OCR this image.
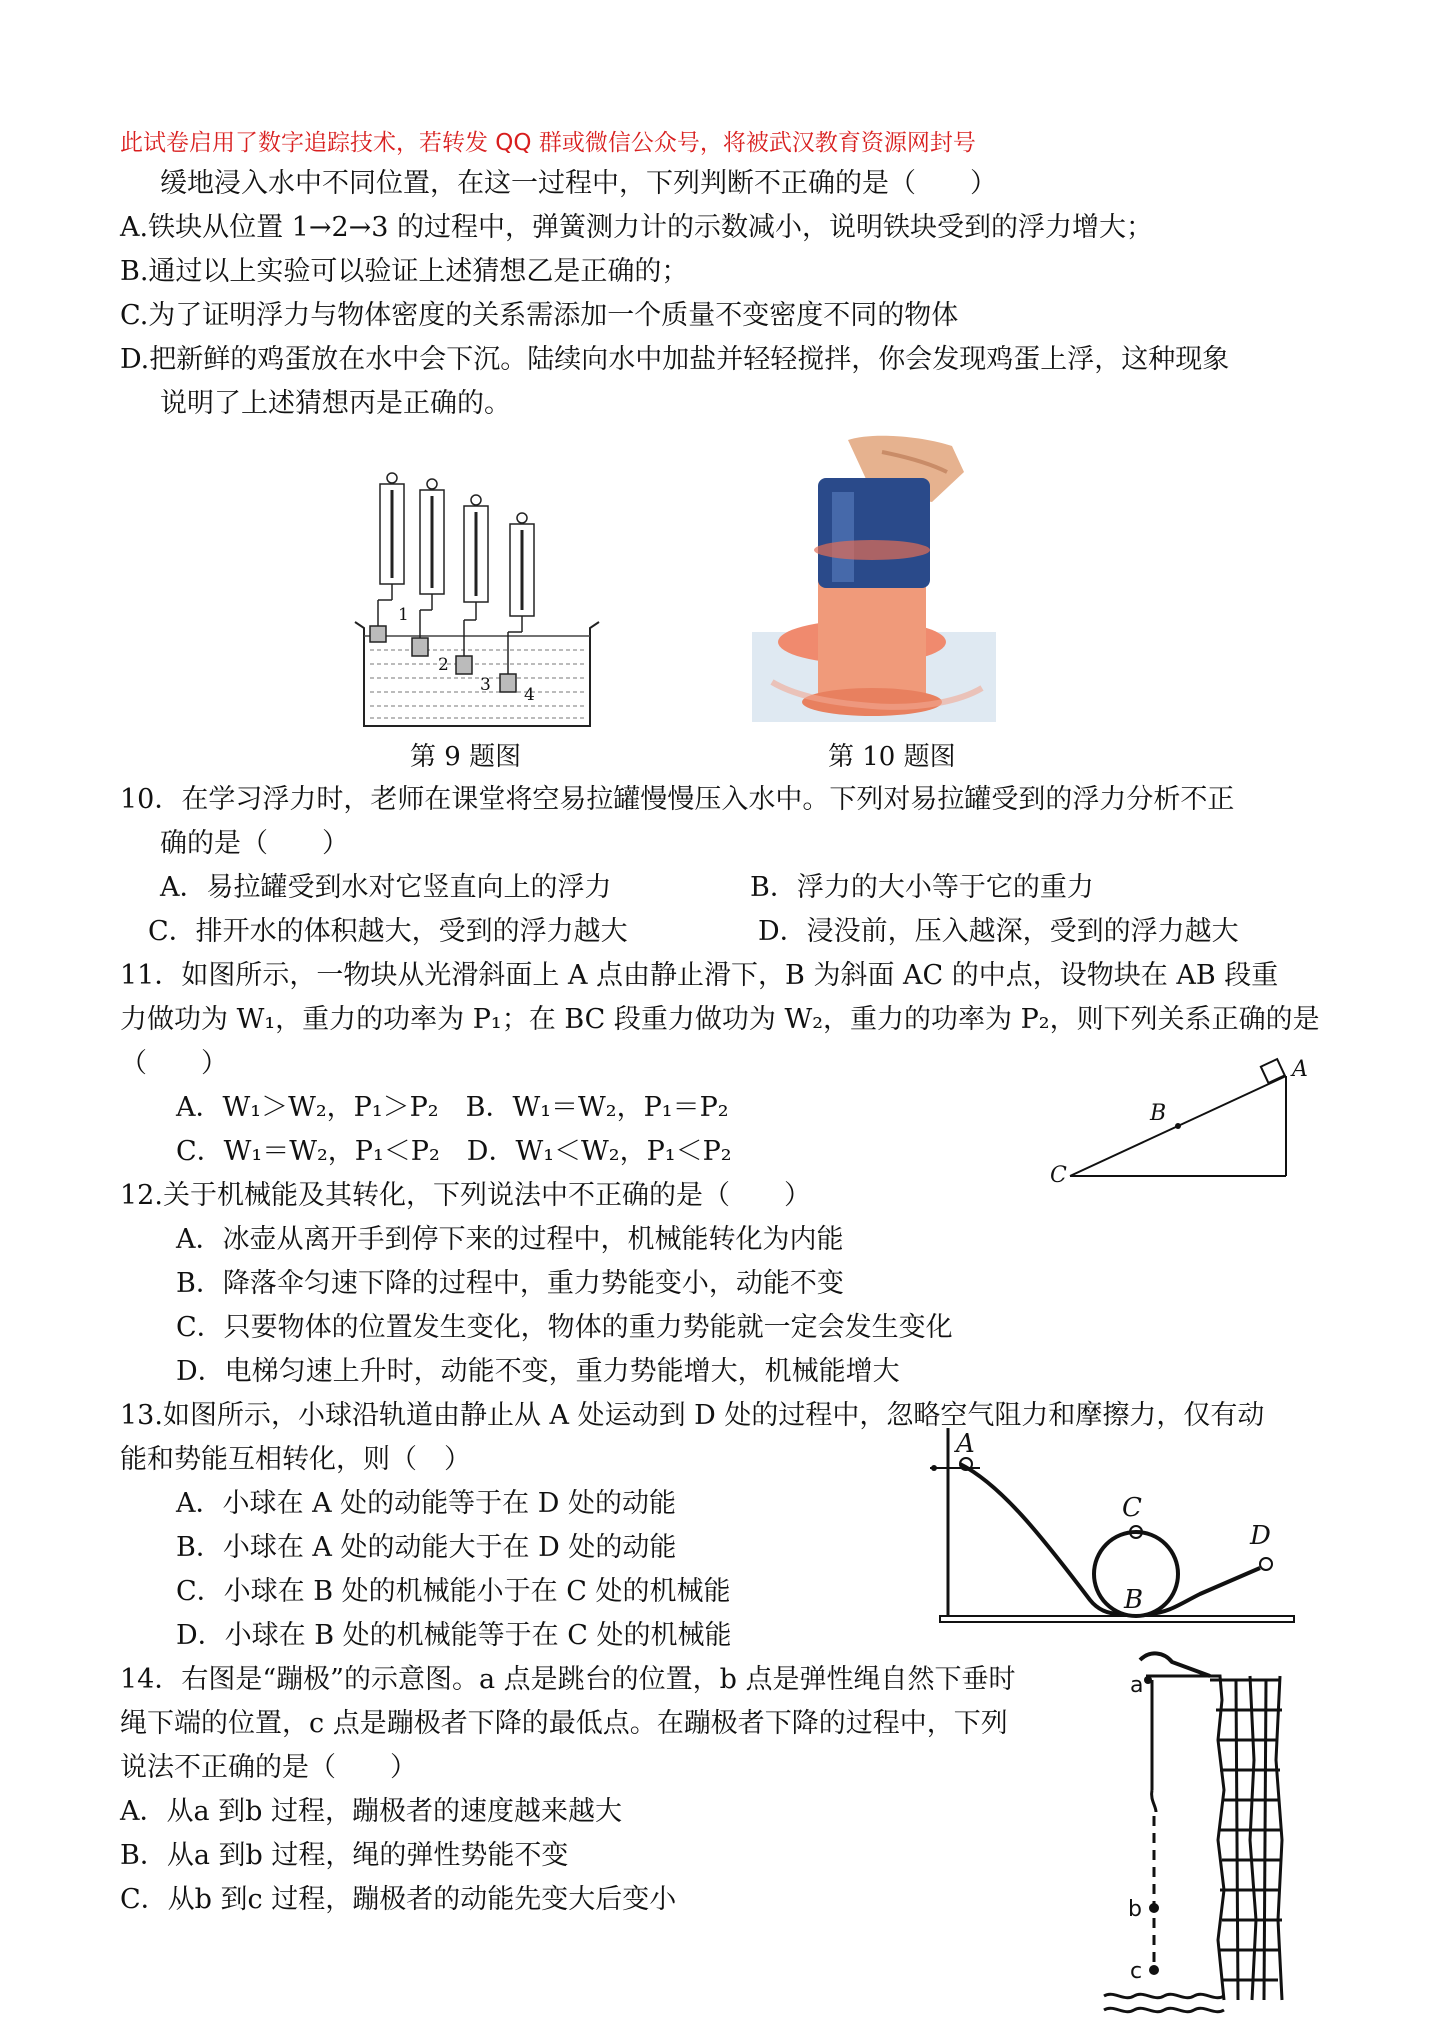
此试卷启用了数字追踪技术，若转发 QQ 群或微信公众号，将被武汉教育资源网封号
缓地浸入水中不同位置，在这一过程中，下列判断不正确的是（　　）
A.铁块从位置 1→2→3 的过程中，弹簧测力计的示数减小，说明铁块受到的浮力增大；
B.通过以上实验可以验证上述猜想乙是正确的；
C.为了证明浮力与物体密度的关系需添加一个质量不变密度不同的物体
D.把新鲜的鸡蛋放在水中会下沉。陆续向水中加盐并轻轻搅拌，你会发现鸡蛋上浮，这种现象
说明了上述猜想丙是正确的。
1
2
3 4
第 9 题图	第 10 题图
10．在学习浮力时，老师在课堂将空易拉罐慢慢压入水中。下列对易拉罐受到的浮力分析不正
确的是（　　）
A．易拉罐受到水对它竖直向上的浮力	B．浮力的大小等于它的重力
C．排开水的体积越大，受到的浮力越大	D．浸没前，压入越深，受到的浮力越大
11．如图所示，一物块从光滑斜面上 A 点由静止滑下，B 为斜面 AC 的中点，设物块在 AB 段重
力做功为 W₁，重力的功率为 P₁；在 BC 段重力做功为 W₂，重力的功率为 P₂，则下列关系正确的是
（　　）
A．W₁＞W₂，P₁＞P₂　B．W₁＝W₂，P₁＝P₂
C．W₁＝W₂，P₁＜P₂　D．W₁＜W₂，P₁＜P₂
C
B
A
12.关于机械能及其转化，下列说法中不正确的是（　　）
A．冰壶从离开手到停下来的过程中，机械能转化为内能
B．降落伞匀速下降的过程中，重力势能变小，动能不变
C．只要物体的位置发生变化，物体的重力势能就一定会发生变化
D．电梯匀速上升时，动能不变，重力势能增大，机械能增大
13.如图所示，小球沿轨道由静止从 A 处运动到 D 处的过程中，忽略空气阻力和摩擦力，仅有动
能和势能互相转化，则（　）
A．小球在 A 处的动能等于在 D 处的动能
B．小球在 A 处的动能大于在 D 处的动能
C．小球在 B 处的机械能小于在 C 处的机械能
D．小球在 B 处的机械能等于在 C 处的机械能
A
C
D
B
14．右图是“蹦极”的示意图。a 点是跳台的位置，b 点是弹性绳自然下垂时
绳下端的位置，c 点是蹦极者下降的最低点。在蹦极者下降的过程中，下列
说法不正确的是（　　）
A．从a 到b 过程，蹦极者的速度越来越大
B．从a 到b 过程，绳的弹性势能不变
C．从b 到c 过程，蹦极者的动能先变大后变小
a
b
c
